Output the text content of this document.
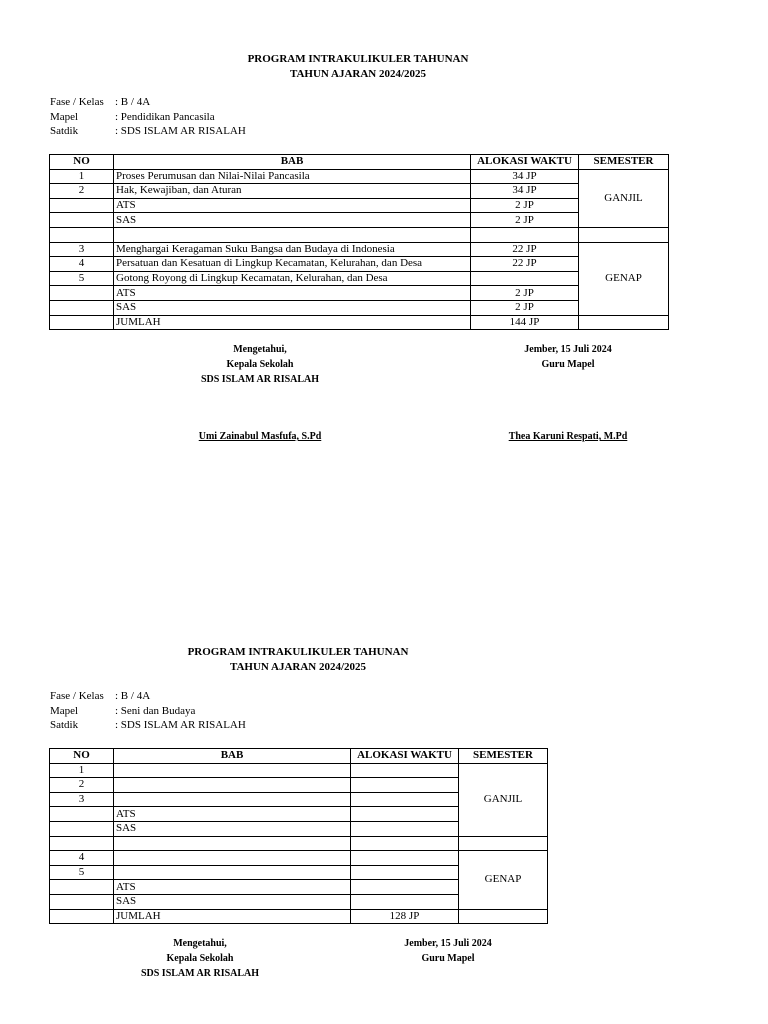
PROGRAM INTRAKULIKULER TAHUNAN
TAHUN AJARAN 2024/2025
Fase / Kelas	: B / 4A
Mapel	: Pendidikan Pancasila
Satdik	: SDS ISLAM AR RISALAH
NO	BAB	ALOKASI WAKTU	SEMESTER
1	Proses Perumusan dan Nilai-Nilai Pancasila	34 JP	GANJIL
2	Hak, Kewajiban, dan Aturan	34 JP	
	ATS	2 JP	
	SAS	2 JP	

3	Menghargai Keragaman Suku Bangsa dan Budaya di Indonesia	22 JP	GENAP
4	Persatuan dan Kesatuan di Lingkup Kecamatan, Kelurahan, dan Desa	22 JP	
5	Gotong Royong di Lingkup Kecamatan, Kelurahan, dan Desa		
	ATS	2 JP	
	SAS	2 JP	
	JUMLAH	144 JP	
Mengetahui,
Kepala Sekolah
SDS ISLAM AR RISALAH
Umi Zainabul Masfufa, S.Pd
Jember, 15 Juli 2024
Guru Mapel
Thea Karuni Respati, M.Pd
PROGRAM INTRAKULIKULER TAHUNAN
TAHUN AJARAN 2024/2025
Fase / Kelas	: B / 4A
Mapel	: Seni dan Budaya
Satdik	: SDS ISLAM AR RISALAH
NO	BAB	ALOKASI WAKTU	SEMESTER
1			GANJIL
2			
3			
	ATS		
	SAS		

4			GENAP
5			
	ATS		
	SAS		
	JUMLAH	128 JP	
Mengetahui,
Kepala Sekolah
SDS ISLAM AR RISALAH
Jember, 15 Juli 2024
Guru Mapel
